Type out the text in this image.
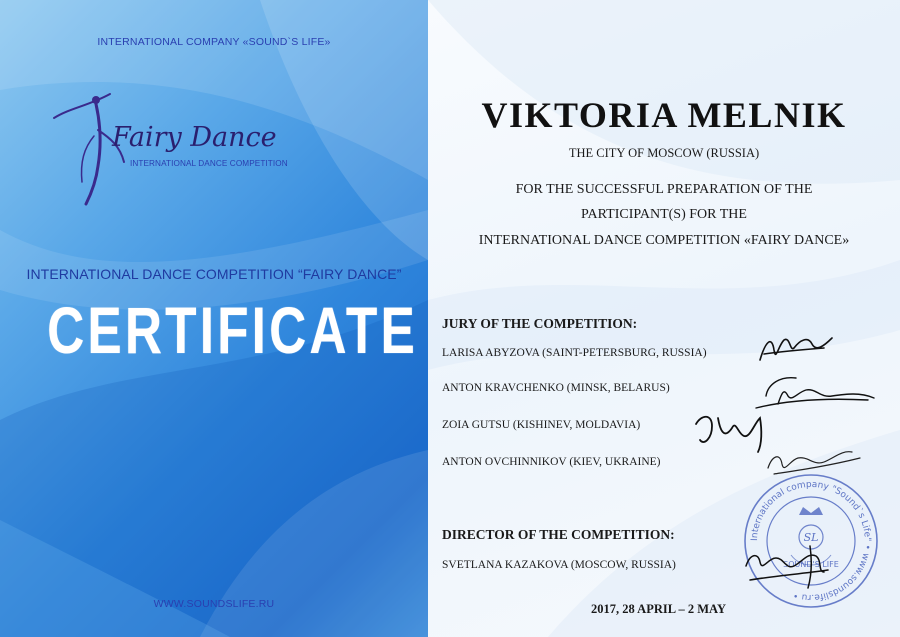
INTERNATIONAL COMPANY «SOUND`S LIFE»
Fairy Dance
INTERNATIONAL DANCE COMPETITION
INTERNATIONAL DANCE COMPETITION “FAIRY DANCE”
CERTIFICATE
WWW.SOUNDSLIFE.RU
VIKTORIA MELNIK
THE CITY OF MOSCOW (RUSSIA)
FOR THE SUCCESSFUL PREPARATION OF THE
PARTICIPANT(S) FOR THE
INTERNATIONAL DANCE COMPETITION «FAIRY DANCE»
JURY OF THE COMPETITION:
LARISA ABYZOVA (SAINT-PETERSBURG, RUSSIA)
ANTON KRAVCHENKO (MINSK, BELARUS)
ZOIA GUTSU (KISHINEV, MOLDAVIA)
ANTON OVCHINNIKOV (KIEV, UKRAINE)
DIRECTOR OF THE COMPETITION:
SVETLANA KAZAKOVA (MOSCOW, RUSSIA)
2017, 28 APRIL – 2 MAY
International company "Sound`s Life" • www.soundslife.ru •
SL
SOUND'S LIFE
